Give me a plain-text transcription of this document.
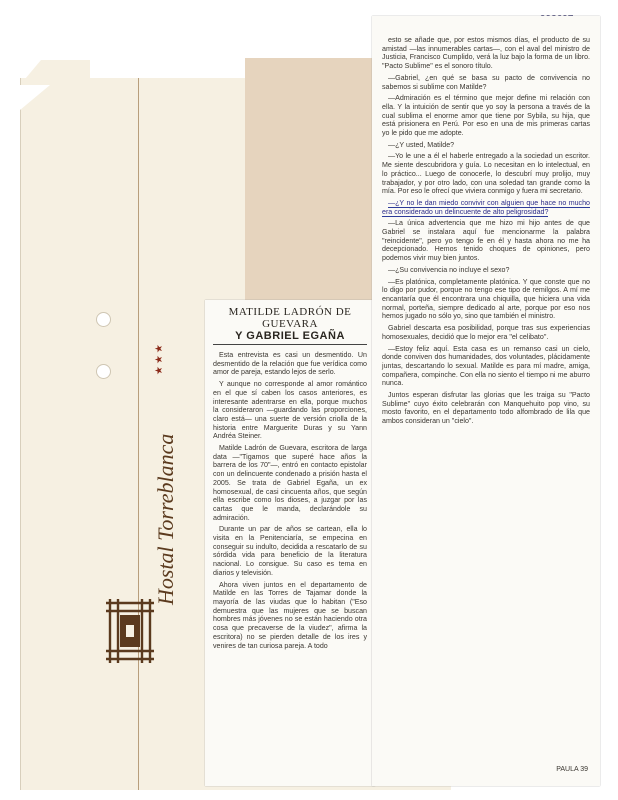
Hostal Torreblanca
★★★
MATILDE LADRÓN DE GUEVARA
Y GABRIEL EGAÑA

Esta entrevista es casi un desmentido. Un desmentido de la relación que fue verídica como amor de pareja, estando lejos de serlo.

Y aunque no corresponde al amor romántico en el que sí caben los casos anteriores, es interesante adentrarse en ella, porque muchos la consideraron —guardando las proporciones, claro está— una suerte de versión criolla de la historia entre Marguerite Duras y su Yann Andréa Steiner.

Matilde Ladrón de Guevara, escritora de larga data —"Tigamos que superé hace años la barrera de los 70"—, entró en contacto epistolar con un delincuente condenado a prisión hasta el 2005. Se trata de Gabriel Egaña, un ex homosexual, de casi cincuenta años, que según ella escribe como los dioses, a juzgar por las cartas que le manda, declarándole su admiración.

Durante un par de años se cartean, ella lo visita en la Penitenciaría, se empecina en conseguir su indulto, decidida a rescatarlo de su sórdida vida para beneficio de la literatura nacional. Lo consigue. Su caso es tema en diarios y televisión.

Ahora viven juntos en el departamento de Matilde en las Torres de Tajamar donde la mayoría de las viudas que lo habitan ("Eso demuestra que las mujeres que se buscan hombres más jóvenes no se están haciendo otra cosa que precaverse de la viudez", afirma la escritora) no se pierden detalle de los ires y venires de tan curiosa pareja. A todo

esto se añade que, por estos mismos días, el producto de su amistad —las innumerables cartas—, con el aval del ministro de Justicia, Francisco Cumplido, verá la luz bajo la forma de un libro. "Pacto Sublime" es el sonoro título.

—Gabriel, ¿en qué se basa su pacto de convivencia no sabemos si sublime con Matilde?

—Admiración es el término que mejor define mi relación con ella. Y la intuición de sentir que yo soy la persona a través de la cual sublima el enorme amor que tiene por Sybila, su hija, que está prisionera en Perú. Por eso en una de mis primeras cartas yo le pido que me adopte.

—¿Y usted, Matilde?

—Yo le une a él el haberle entregado a la sociedad un escritor. Me siente descubridora y guía. Lo necesitan en lo intelectual, en lo práctico... Luego de conocerle, lo descubrí muy prolijo, muy trabajador, y por otro lado, con una soledad tan grande como la mía. Por eso le ofrecí que viviera conmigo y fuera mi secretario.

—¿Y no le dan miedo convivir con alguien que hace no mucho era considerado un delincuente de alto peligrosidad?

—La única advertencia que me hizo mi hijo antes de que Gabriel se instalara aquí fue mencionarme la palabra "reincidente", pero yo tengo fe en él y hasta ahora no me ha decepcionado. Hemos tenido choques de opiniones, pero podemos vivir muy bien juntos.

—¿Su convivencia no incluye el sexo?

—Es platónica, completamente platónica. Y que conste que no lo digo por pudor, porque no tengo ese tipo de remilgos. A mí me encantaría que él encontrara una chiquilla, que hiciera una vida normal, porteña, siempre dedicado al arte, porque por eso nos hemos jugado no sólo yo, sino que también el ministro.

Gabriel descarta esa posibilidad, porque tras sus experiencias homosexuales, decidió que lo mejor era "el celibato".

—Estoy feliz aquí. Esta casa es un remanso casi un cielo, donde conviven dos humanidades, dos voluntades, plácidamente juntas, descartando lo sexual. Matilde es para mí madre, amiga, compañera, compinche. Con ella no siento el tiempo ni me aburro nunca.

Juntos esperan disfrutar las glorias que les traiga su "Pacto Sublime" cuyo éxito celebrarán con Manquehuito pop vino, su mosto favorito, en el departamento todo alfombrado de lila que ambos consideran un "cielo".

PAULA 39
